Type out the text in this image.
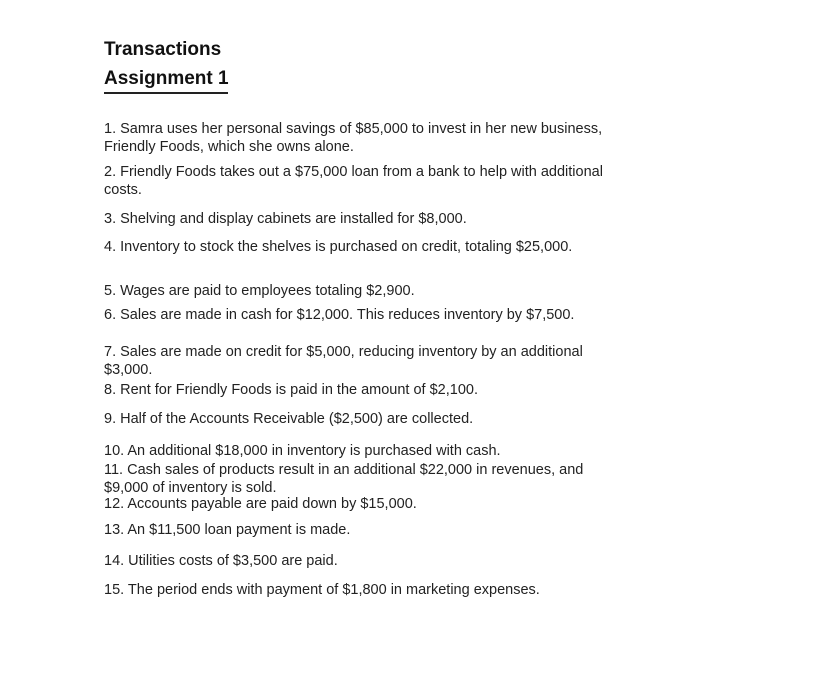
Transactions
Assignment 1
1. Samra uses her personal savings of $85,000 to invest in her new business, Friendly Foods, which she owns alone.
2. Friendly Foods takes out a $75,000 loan from a bank to help with additional costs.
3. Shelving and display cabinets are installed for $8,000.
4. Inventory to stock the shelves is purchased on credit, totaling $25,000.
5. Wages are paid to employees totaling $2,900.
6. Sales are made in cash for $12,000. This reduces inventory by $7,500.
7. Sales are made on credit for $5,000, reducing inventory by an additional $3,000.
8. Rent for Friendly Foods is paid in the amount of $2,100.
9. Half of the Accounts Receivable ($2,500) are collected.
10. An additional $18,000 in inventory is purchased with cash.
11. Cash sales of products result in an additional $22,000 in revenues, and $9,000 of inventory is sold.
12. Accounts payable are paid down by $15,000.
13. An $11,500 loan payment is made.
14. Utilities costs of $3,500 are paid.
15. The period ends with payment of $1,800 in marketing expenses.
